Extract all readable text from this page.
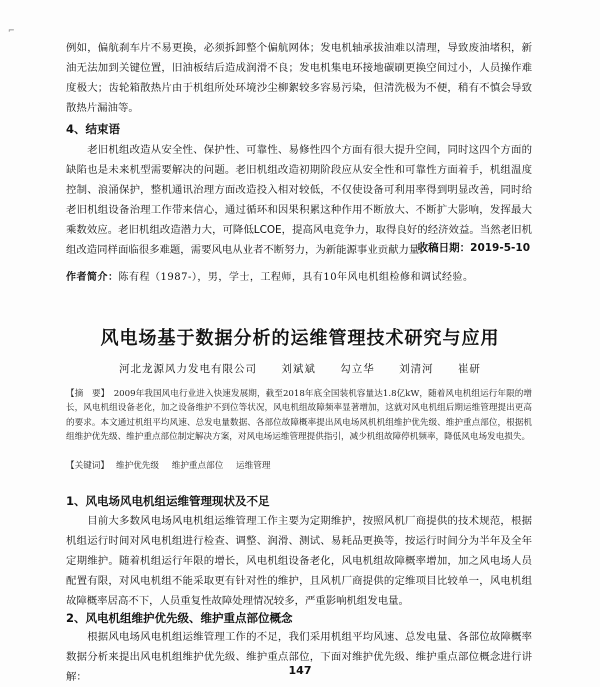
⌐

例如，偏航刹车片不易更换，必须拆卸整个偏航网体；发电机轴承拔油难以清理，导致废油堵积，新油无法加到关键位置，旧油板结后造成润滑不良；发电机集电环接地碳刷更换空间过小，人员操作难度极大；齿轮箱散热片由于机组所处环境沙尘柳絮较多容易污染，但清洗极为不便，稍有不慎会导致散热片漏油等。

4、结束语

老旧机组改造从安全性、保护性、可靠性、易修性四个方面有很大提升空间，同时这四个方面的缺陷也是未来机型需要解决的问题。老旧机组改造初期阶段应从安全性和可靠性方面着手，机组温度控制、浪涌保护，整机通讯治理方面改造投入相对较低，不仅使设备可利用率得到明显改善，同时给老旧机组设备治理工作带来信心，通过循环和因果积累这种作用不断放大、不断扩大影响，发挥最大乘数效应。老旧机组改造潜力大，可降低LCOE，提高风电竞争力，取得良好的经济效益。当然老旧机组改造同样面临很多难题，需要风电从业者不断努力，为新能源事业贡献力量。

收稿日期：2019-5-10
作者简介：陈有程（1987-），男，学士，工程师，具有10年风电机组检修和调试经验。
风电场基于数据分析的运维管理技术研究与应用
河北龙源风力发电有限公司 刘斌斌 勾立华 刘清河 崔研

【摘　要】　 2009年我国风电行业进入快速发展期，截至2018年底全国装机容量达1.8亿kW，随着风电机组运行年限的增长，风电机组设备老化，加之设备维护不到位等状况，风电机组故障频率显著增加，这就对风电机组后期运维管理提出更高的要求。本文通过机组平均风速、总发电量数据、各部位故障概率提出风电场风机机组维护优先级、维护重点部位，根据机组维护优先级、维护重点部位制定解决方案，对风电场运维管理提供指引，减少机组故障停机频率，降低风电场发电损失。

【关键词】　 维护优先级 维护重点部位 运维管理
1、风电场风电机组运维管理现状及不足

目前大多数风电场风电机组运维管理工作主要为定期维护，按照风机厂商提供的技术规范，根据机组运行时间对风电机组进行检查、调整、润滑、测试、易耗品更换等，按运行时间分为半年及全年定期维护。随着机组运行年限的增长，风电机组设备老化，风电机组故障概率增加，加之风电场人员配置有限，对风电机组不能采取更有针对性的维护，且风机厂商提供的定维项目比较单一，风电机组故障概率居高不下，人员重复性故障处理情况较多，严重影响机组发电量。

2、风电机组维护优先级、维护重点部位概念

根据风电场风电机组运维管理工作的不足，我们采用机组平均风速、总发电量、各部位故障概率数据分析来提出风电机组维护优先级、维护重点部位，下面对维护优先级、维护重点部位概念进行讲解：	147
